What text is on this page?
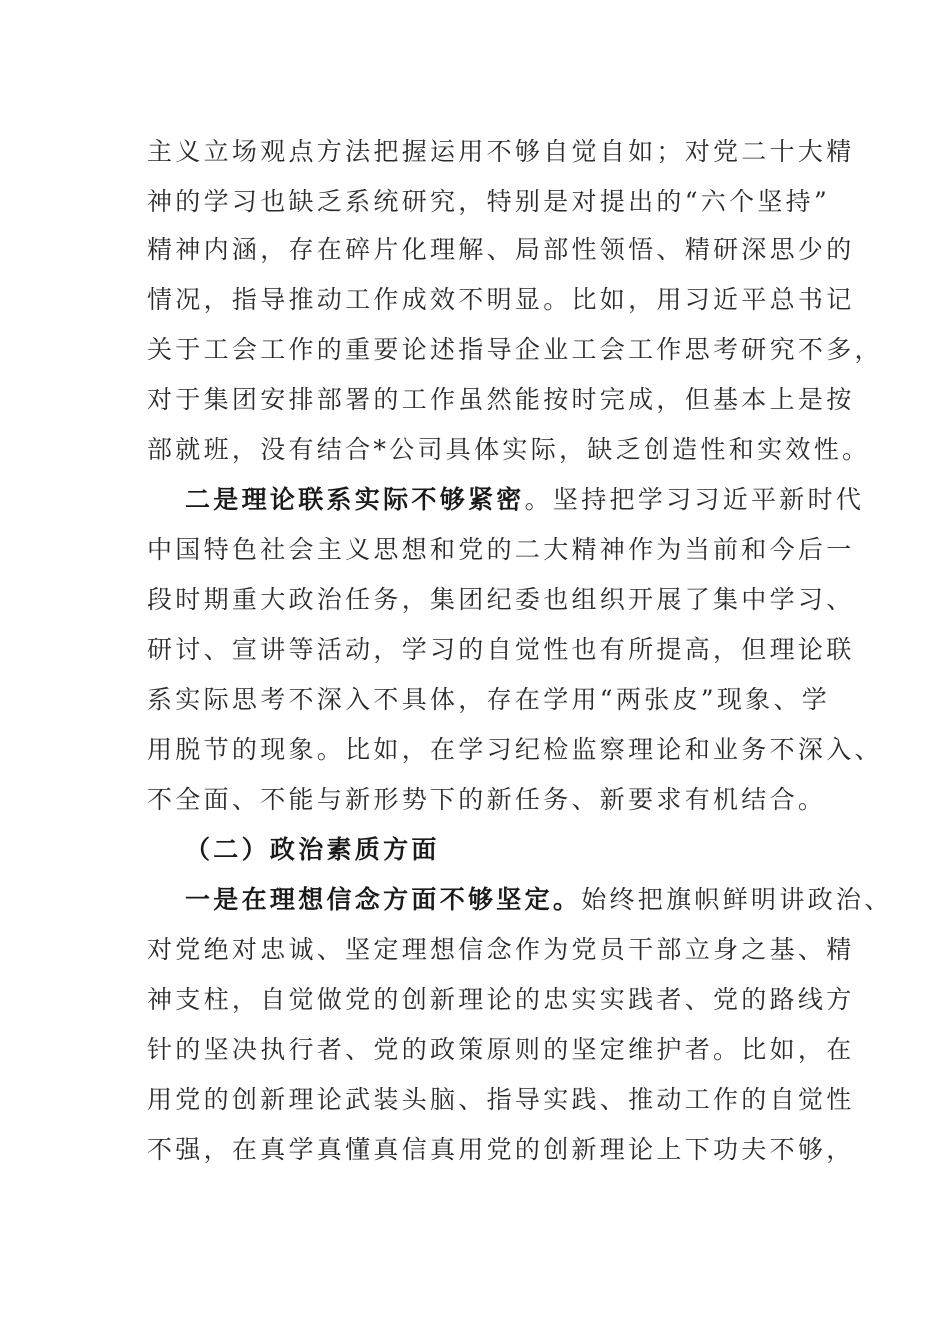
主义立场观点方法把握运用不够自觉自如；对党二十大精
神的学习也缺乏系统研究，特别是对提出的“六个坚持”
精神内涵，存在碎片化理解、局部性领悟、精研深思少的
情况，指导推动工作成效不明显。比如，用习近平总书记
关于工会工作的重要论述指导企业工会工作思考研究不多，
对于集团安排部署的工作虽然能按时完成，但基本上是按
部就班，没有结合*公司具体实际，缺乏创造性和实效性。
二是理论联系实际不够紧密。坚持把学习习近平新时代
中国特色社会主义思想和党的二大精神作为当前和今后一
段时期重大政治任务，集团纪委也组织开展了集中学习、
研讨、宣讲等活动，学习的自觉性也有所提高，但理论联
系实际思考不深入不具体，存在学用“两张皮”现象、学
用脱节的现象。比如，在学习纪检监察理论和业务不深入、
不全面、不能与新形势下的新任务、新要求有机结合。
（二）政治素质方面
一是在理想信念方面不够坚定。始终把旗帜鲜明讲政治、
对党绝对忠诚、坚定理想信念作为党员干部立身之基、精
神支柱，自觉做党的创新理论的忠实实践者、党的路线方
针的坚决执行者、党的政策原则的坚定维护者。比如，在
用党的创新理论武装头脑、指导实践、推动工作的自觉性
不强，在真学真懂真信真用党的创新理论上下功夫不够，
